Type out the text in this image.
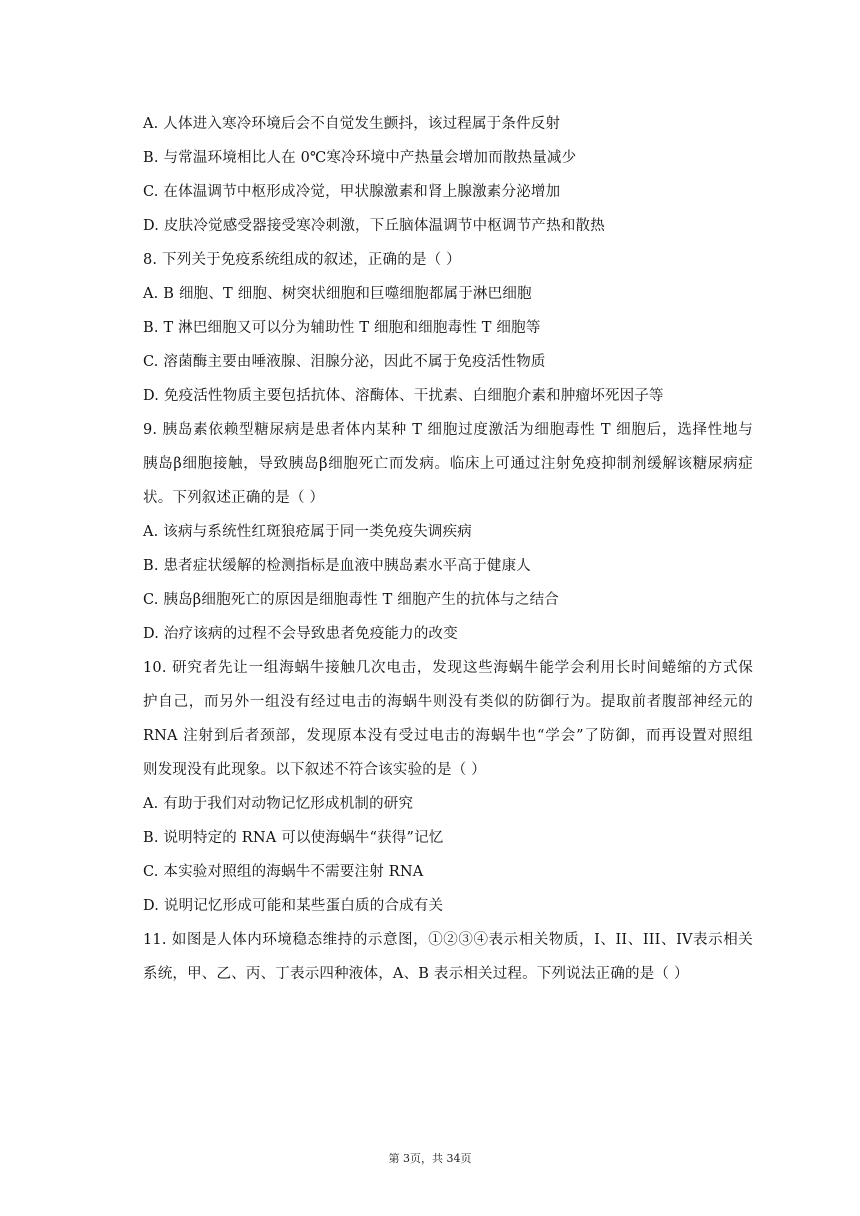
A. 人体进入寒冷环境后会不自觉发生颤抖，该过程属于条件反射
B. 与常温环境相比人在 0℃寒冷环境中产热量会增加而散热量减少
C. 在体温调节中枢形成冷觉，甲状腺激素和肾上腺激素分泌增加
D. 皮肤冷觉感受器接受寒冷刺激，下丘脑体温调节中枢调节产热和散热
8. 下列关于免疫系统组成的叙述，正确的是（ ）
A. B 细胞、T 细胞、树突状细胞和巨噬细胞都属于淋巴细胞
B. T 淋巴细胞又可以分为辅助性 T 细胞和细胞毒性 T 细胞等
C. 溶菌酶主要由唾液腺、泪腺分泌，因此不属于免疫活性物质
D. 免疫活性物质主要包括抗体、溶酶体、干扰素、白细胞介素和肿瘤坏死因子等
9. 胰岛素依赖型糖尿病是患者体内某种 T 细胞过度激活为细胞毒性 T 细胞后，选择性地与
胰岛β细胞接触，导致胰岛β细胞死亡而发病。临床上可通过注射免疫抑制剂缓解该糖尿病症
状。下列叙述正确的是（ ）
A. 该病与系统性红斑狼疮属于同一类免疫失调疾病
B. 患者症状缓解的检测指标是血液中胰岛素水平高于健康人
C. 胰岛β细胞死亡的原因是细胞毒性 T 细胞产生的抗体与之结合
D. 治疗该病的过程不会导致患者免疫能力的改变
10. 研究者先让一组海蜗牛接触几次电击，发现这些海蜗牛能学会利用长时间蜷缩的方式保
护自己，而另外一组没有经过电击的海蜗牛则没有类似的防御行为。提取前者腹部神经元的
RNA 注射到后者颈部，发现原本没有受过电击的海蜗牛也“学会”了防御，而再设置对照组
则发现没有此现象。以下叙述不符合该实验的是（ ）
A. 有助于我们对动物记忆形成机制的研究
B. 说明特定的 RNA 可以使海蜗牛“获得”记忆
C. 本实验对照组的海蜗牛不需要注射 RNA
D. 说明记忆形成可能和某些蛋白质的合成有关
11. 如图是人体内环境稳态维持的示意图，①②③④表示相关物质，I、II、III、IV表示相关
系统，甲、乙、丙、丁表示四种液体，A、B 表示相关过程。下列说法正确的是（ ）
第 3页，共 34页
